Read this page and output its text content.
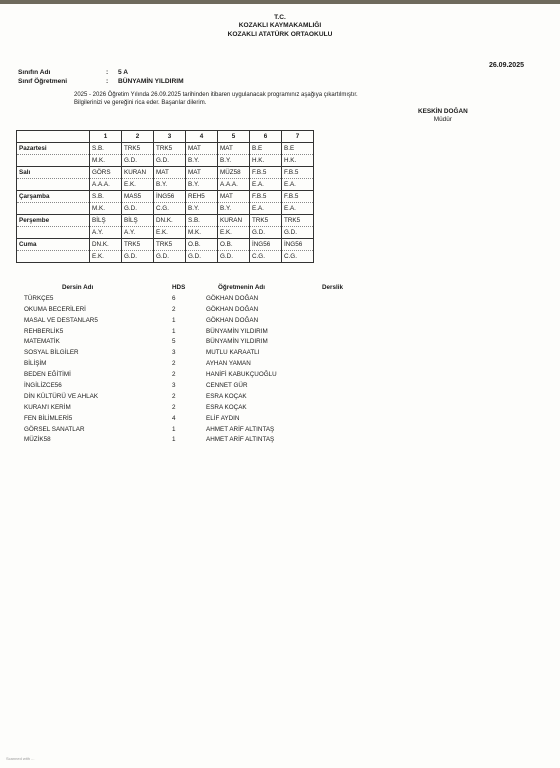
T.C.
KOZAKLI KAYMAKAMLIĞI
KOZAKLI ATATÜRK ORTAOKULU
26.09.2025
Sınıfın Adı	:	5 A
Sınıf Öğretmeni	:	BÜNYAMİN YILDIRIM
2025 - 2026 Öğretim Yılında 26.09.2025 tarihinden itibaren uygulanacak programınız aşağıya çıkartılmıştır.
Bilgilerinizi ve gereğini rica eder. Başarılar dilerim.
KESKİN DOĞAN
Müdür
	1	2	3	4	5	6	7
Pazartesi	S.B.	TRK5	TRK5	MAT	MAT	B.E	B.E
	M.K.	G.D.	G.D.	B.Y.	B.Y.	H.K.	H.K.
Salı	GÖRS	KURAN	MAT	MAT	MÜZ58	F.B.5	F.B.5
	A.A.A.	E.K.	B.Y.	B.Y.	A.A.A.	E.A.	E.A.
Çarşamba	S.B.	MAS5	İNG56	REH5	MAT	F.B.5	F.B.5
	M.K.	G.D.	C.G.	B.Y.	B.Y.	E.A.	E.A.
Perşembe	BİLŞ	BİLŞ	DN.K.	S.B.	KURAN	TRK5	TRK5
	A.Y.	A.Y.	E.K.	M.K.	E.K.	G.D.	G.D.
Cuma	DN.K.	TRK5	TRK5	O.B.	O.B.	İNG56	İNG56
	E.K.	G.D.	G.D.	G.D.	G.D.	C.G.	C.G.
Dersin Adı	HDS	Öğretmenin Adı	Derslik
TÜRKÇE5	6	GÖKHAN DOĞAN
OKUMA BECERİLERİ	2	GÖKHAN DOĞAN
MASAL VE DESTANLAR5	1	GÖKHAN DOĞAN
REHBERLİK5	1	BÜNYAMİN YILDIRIM
MATEMATİK	5	BÜNYAMİN YILDIRIM
SOSYAL BİLGİLER	3	MUTLU KARAATLI
BİLİŞİM	2	AYHAN YAMAN
BEDEN EĞİTİMİ	2	HANİFİ KABUKÇUOĞLU
İNGİLİZCE56	3	CENNET GÜR
DİN KÜLTÜRÜ VE AHLAK	2	ESRA KOÇAK
KURAN'I KERİM	2	ESRA KOÇAK
FEN BİLİMLERİ5	4	ELİF AYDIN
GÖRSEL SANATLAR	1	AHMET ARİF ALTINTAŞ
MÜZİK58	1	AHMET ARİF ALTINTAŞ
Scanned with ...
